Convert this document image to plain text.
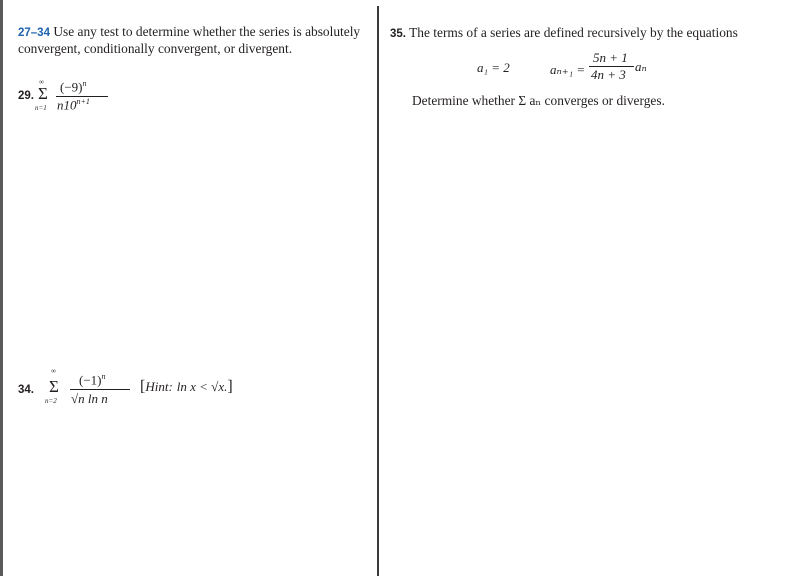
27–34 Use any test to determine whether the series is absolutely
convergent, conditionally convergent, or divergent.
29.
∞
Σ
n=1
$(-9)^n$
$n10^{n+1}$
34.
∞
Σ
n=2
$(-1)^n$
√n ln n
[Hint: ln x < √x.]
35. The terms of a series are defined recursively by the equations
a₁ = 2	aₙ₊₁ =
5n + 1
4n + 3
aₙ
Determine whether Σ aₙ converges or diverges.
